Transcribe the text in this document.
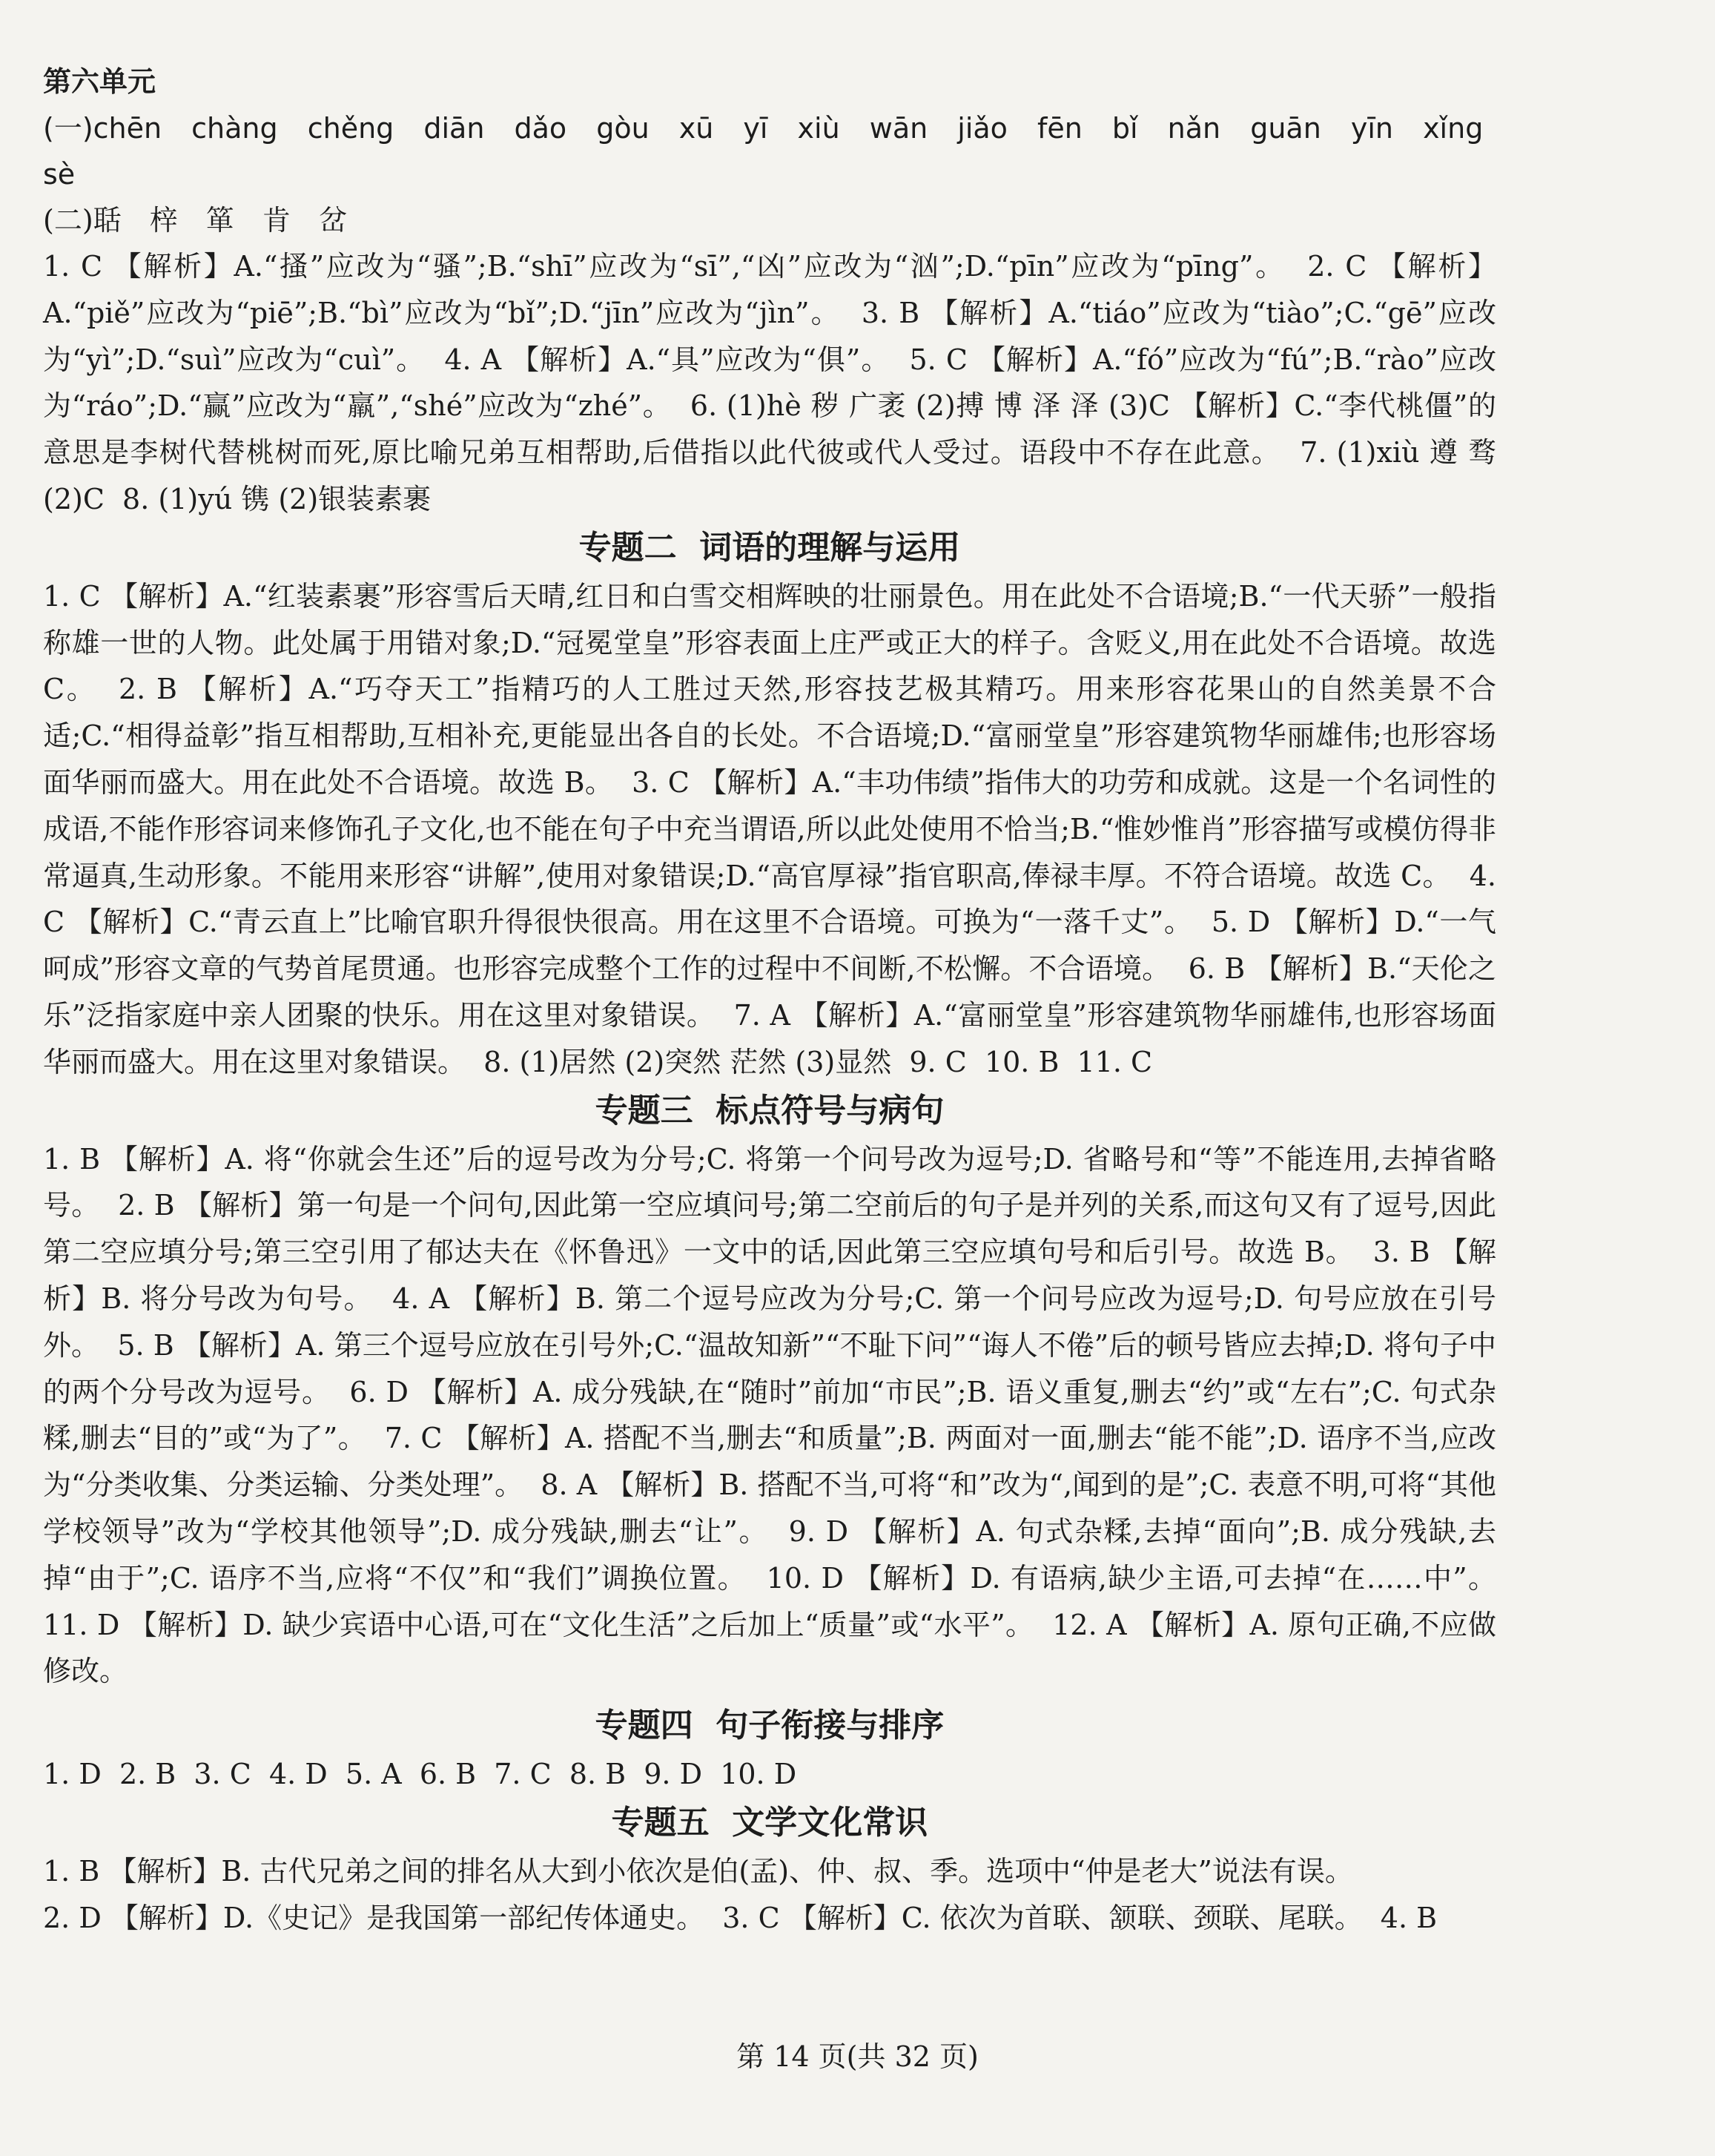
第六单元

(一)chēn chàng chěng diān dǎo gòu xū yī xiù wān jiǎo fēn bǐ nǎn guān yīn xǐng sè

(二)聒 梓 箪 肯 岔

1. C 【解析】A.“搔”应改为“骚”;B.“shī”应改为“sī”,“凶”应改为“汹”;D.“pīn”应改为“pīng”。  2. C 【解析】A.“piě”应改为“piē”;B.“bì”应改为“bǐ”;D.“jīn”应改为“jìn”。  3. B 【解析】A.“tiáo”应改为“tiào”;C.“gē”应改为“yì”;D.“suì”应改为“cuì”。  4. A 【解析】A.“具”应改为“俱”。  5. C 【解析】A.“fó”应改为“fú”;B.“rào”应改为“ráo”;D.“赢”应改为“羸”,“shé”应改为“zhé”。  6. (1)hè 秽 广袤 (2)搏 博 泽 泽 (3)C 【解析】C.“李代桃僵”的意思是李树代替桃树而死,原比喻兄弟互相帮助,后借指以此代彼或代人受过。语段中不存在此意。  7. (1)xiù 遵 骛 (2)C  8. (1)yú 镌 (2)银装素裹

专题二  词语的理解与运用

1. C 【解析】A.“红装素裹”形容雪后天晴,红日和白雪交相辉映的壮丽景色。用在此处不合语境;B.“一代天骄”一般指称雄一世的人物。此处属于用错对象;D.“冠冕堂皇”形容表面上庄严或正大的样子。含贬义,用在此处不合语境。故选 C。  2. B 【解析】A.“巧夺天工”指精巧的人工胜过天然,形容技艺极其精巧。用来形容花果山的自然美景不合适;C.“相得益彰”指互相帮助,互相补充,更能显出各自的长处。不合语境;D.“富丽堂皇”形容建筑物华丽雄伟;也形容场面华丽而盛大。用在此处不合语境。故选 B。  3. C 【解析】A.“丰功伟绩”指伟大的功劳和成就。这是一个名词性的成语,不能作形容词来修饰孔子文化,也不能在句子中充当谓语,所以此处使用不恰当;B.“惟妙惟肖”形容描写或模仿得非常逼真,生动形象。不能用来形容“讲解”,使用对象错误;D.“高官厚禄”指官职高,俸禄丰厚。不符合语境。故选 C。  4. C 【解析】C.“青云直上”比喻官职升得很快很高。用在这里不合语境。可换为“一落千丈”。  5. D 【解析】D.“一气呵成”形容文章的气势首尾贯通。也形容完成整个工作的过程中不间断,不松懈。不合语境。  6. B 【解析】B.“天伦之乐”泛指家庭中亲人团聚的快乐。用在这里对象错误。  7. A 【解析】A.“富丽堂皇”形容建筑物华丽雄伟,也形容场面华丽而盛大。用在这里对象错误。  8. (1)居然 (2)突然 茫然 (3)显然  9. C  10. B  11. C

专题三  标点符号与病句

1. B 【解析】A. 将“你就会生还”后的逗号改为分号;C. 将第一个问号改为逗号;D. 省略号和“等”不能连用,去掉省略号。  2. B 【解析】第一句是一个问句,因此第一空应填问号;第二空前后的句子是并列的关系,而这句又有了逗号,因此第二空应填分号;第三空引用了郁达夫在《怀鲁迅》一文中的话,因此第三空应填句号和后引号。故选 B。  3. B 【解析】B. 将分号改为句号。  4. A 【解析】B. 第二个逗号应改为分号;C. 第一个问号应改为逗号;D. 句号应放在引号外。  5. B 【解析】A. 第三个逗号应放在引号外;C.“温故知新”“不耻下问”“诲人不倦”后的顿号皆应去掉;D. 将句子中的两个分号改为逗号。  6. D 【解析】A. 成分残缺,在“随时”前加“市民”;B. 语义重复,删去“约”或“左右”;C. 句式杂糅,删去“目的”或“为了”。  7. C 【解析】A. 搭配不当,删去“和质量”;B. 两面对一面,删去“能不能”;D. 语序不当,应改为“分类收集、分类运输、分类处理”。  8. A 【解析】B. 搭配不当,可将“和”改为“,闻到的是”;C. 表意不明,可将“其他学校领导”改为“学校其他领导”;D. 成分残缺,删去“让”。  9. D 【解析】A. 句式杂糅,去掉“面向”;B. 成分残缺,去掉“由于”;C. 语序不当,应将“不仅”和“我们”调换位置。  10. D 【解析】D. 有语病,缺少主语,可去掉“在……中”。  11. D 【解析】D. 缺少宾语中心语,可在“文化生活”之后加上“质量”或“水平”。  12. A 【解析】A. 原句正确,不应做修改。

专题四  句子衔接与排序

1. D  2. B  3. C  4. D  5. A  6. B  7. C  8. B  9. D  10. D

专题五  文学文化常识

1. B 【解析】B. 古代兄弟之间的排名从大到小依次是伯(孟)、仲、叔、季。选项中“仲是老大”说法有误。

2. D 【解析】D.《史记》是我国第一部纪传体通史。  3. C 【解析】C. 依次为首联、颔联、颈联、尾联。  4. B

第 14 页(共 32 页)
